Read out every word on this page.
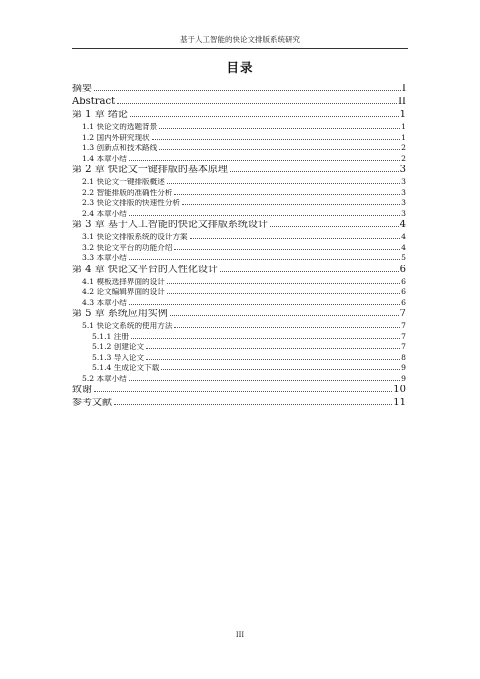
基于人工智能的快论文排版系统研究
目录
摘要	I
Abstract	II
第 1 章 绪论	1
1.1 快论文的选题背景	1
1.2 国内外研究现状	1
1.3 创新点和技术路线	2
1.4 本章小结	2
第 2 章 快论文一键排版的基本原理	3
2.1 快论文一键排版概述	3
2.2 智能排版的准确性分析	3
2.3 快论文排版的快速性分析	3
2.4 本章小结	3
第 3 章 基于人工智能的快论文排版系统设计	4
3.1 快论文排版系统的设计方案	4
3.2 快论文平台的功能介绍	4
3.3 本章小结	5
第 4 章 快论文平台的人性化设计	6
4.1 模板选择界面的设计	6
4.2 论文编辑界面的设计	6
4.3 本章小结	6
第 5 章 系统应用实例	7
5.1 快论文系统的使用方法	7
5.1.1 注册	7
5.1.2 创建论文	7
5.1.3 导入论文	8
5.1.4 生成论文下载	9
5.2 本章小结	9
致谢	10
参考文献	11
III
